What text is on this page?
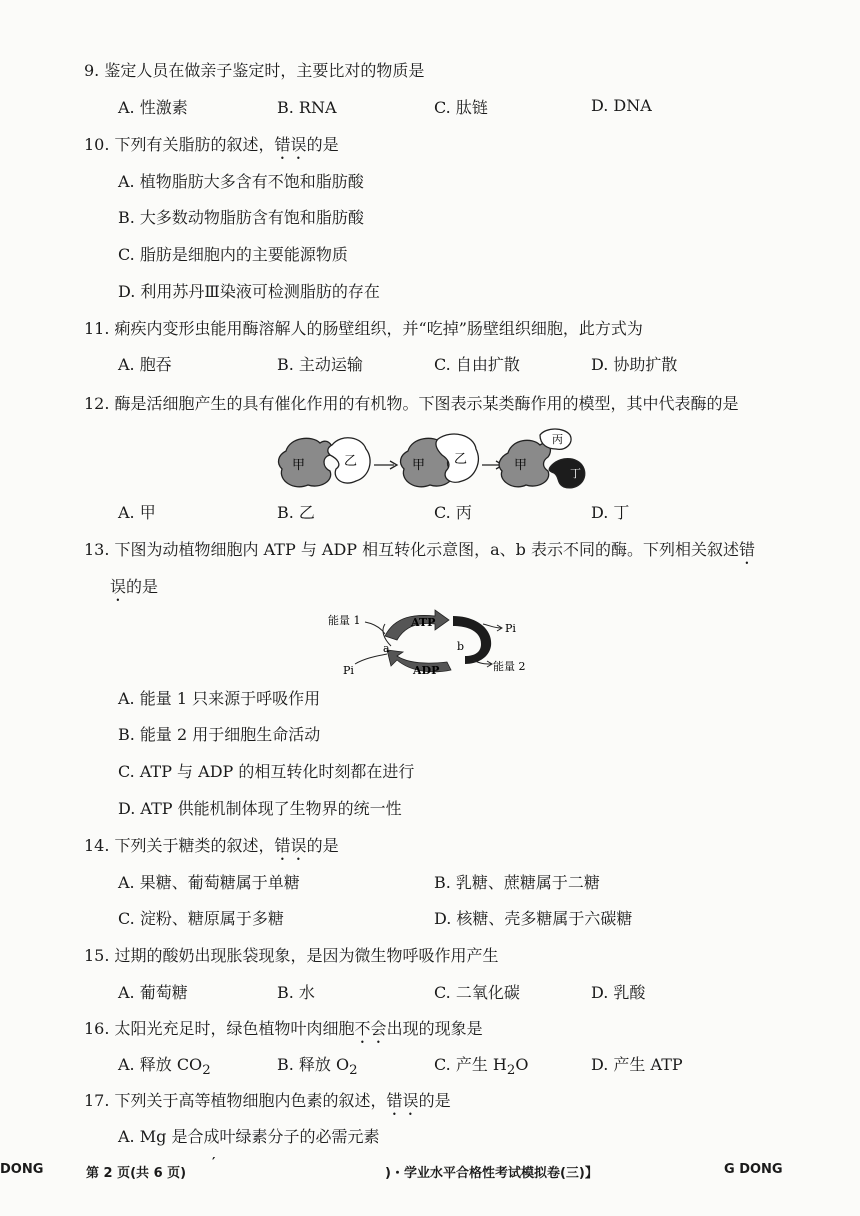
9. 鉴定人员在做亲子鉴定时，主要比对的物质是
A. 性激素	B. RNA	C. 肽链	D. DNA
10. 下列有关脂肪的叙述，错误的是
A. 植物脂肪大多含有不饱和脂肪酸
B. 大多数动物脂肪含有饱和脂肪酸
C. 脂肪是细胞内的主要能源物质
D. 利用苏丹Ⅲ染液可检测脂肪的存在
11. 痢疾内变形虫能用酶溶解人的肠壁组织，并“吃掉”肠壁组织细胞，此方式为
A. 胞吞	B. 主动运输	C. 自由扩散	D. 协助扩散
12. 酶是活细胞产生的具有催化作用的有机物。下图表示某类酶作用的模型，其中代表酶的是
甲	乙	甲 乙	甲
丙
丁
A. 甲	B. 乙	C. 丙	D. 丁
13. 下图为动植物细胞内 ATP 与 ADP 相互转化示意图，a、b 表示不同的酶。下列相关叙述错
误的是
能量 1	ATP	Pi
a	b
Pi	ADP	能量 2
A. 能量 1 只来源于呼吸作用
B. 能量 2 用于细胞生命活动
C. ATP 与 ADP 的相互转化时刻都在进行
D. ATP 供能机制体现了生物界的统一性
14. 下列关于糖类的叙述，错误的是
A. 果糖、葡萄糖属于单糖	B. 乳糖、蔗糖属于二糖
C. 淀粉、糖原属于多糖	D. 核糖、壳多糖属于六碳糖
15. 过期的酸奶出现胀袋现象，是因为微生物呼吸作用产生
A. 葡萄糖	B. 水	C. 二氧化碳	D. 乳酸
16. 太阳光充足时，绿色植物叶肉细胞不会出现的现象是
A. 释放 $CO_2$	B. 释放 $O_2$	C. 产生 $H_2O$	D. 产生 ATP
17. 下列关于高等植物细胞内色素的叙述，错误的是
A. Mg 是合成叶绿素分子的必需元素
DONG	第 2 页(共 6 页)
′
)・学业水平合格性考试模拟卷(三)】	G DONG
